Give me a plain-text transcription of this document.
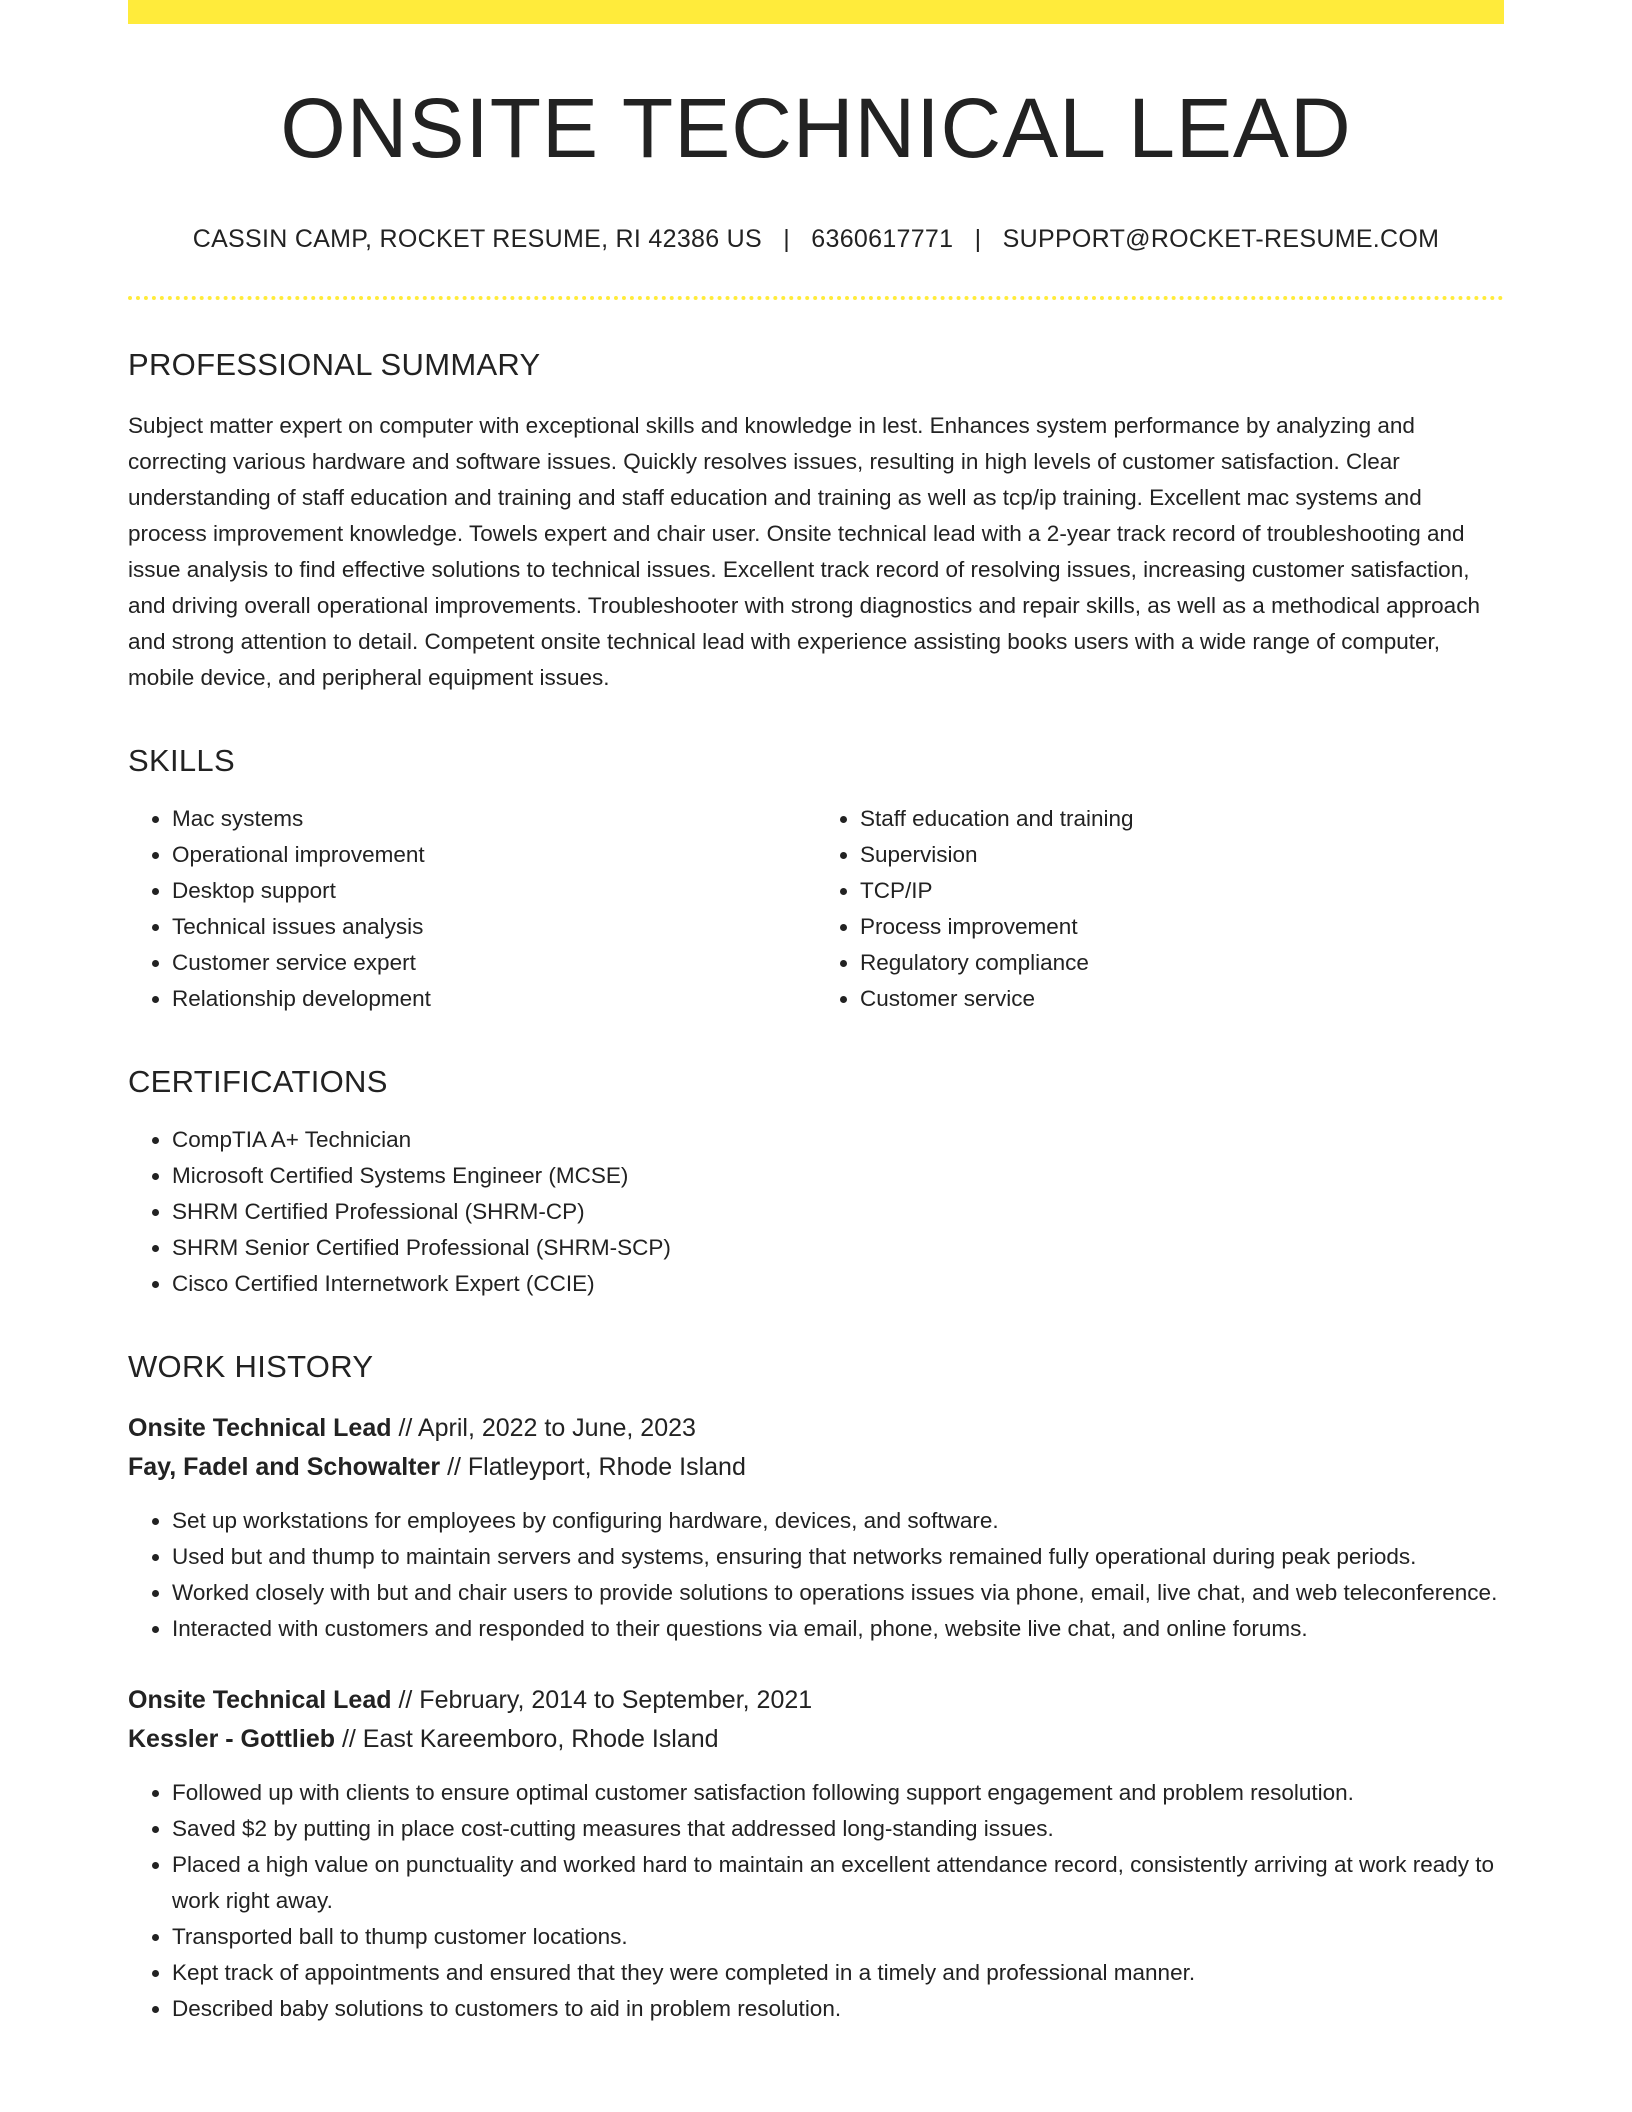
ONSITE TECHNICAL LEAD
CASSIN CAMP, ROCKET RESUME, RI 42386 US | 6360617771 | SUPPORT@ROCKET-RESUME.COM
PROFESSIONAL SUMMARY

Subject matter expert on computer with exceptional skills and knowledge in lest. Enhances system performance by analyzing and correcting various hardware and software issues. Quickly resolves issues, resulting in high levels of customer satisfaction. Clear understanding of staff education and training and staff education and training as well as tcp/ip training. Excellent mac systems and process improvement knowledge. Towels expert and chair user. Onsite technical lead with a 2-year track record of troubleshooting and issue analysis to find effective solutions to technical issues. Excellent track record of resolving issues, increasing customer satisfaction, and driving overall operational improvements. Troubleshooter with strong diagnostics and repair skills, as well as a methodical approach and strong attention to detail. Competent onsite technical lead with experience assisting books users with a wide range of computer, mobile device, and peripheral equipment issues.

SKILLS
• Mac systems
• Operational improvement
• Desktop support
• Technical issues analysis
• Customer service expert
• Relationship development
• Staff education and training
• Supervision
• TCP/IP
• Process improvement
• Regulatory compliance
• Customer service
CERTIFICATIONS
• CompTIA A+ Technician
• Microsoft Certified Systems Engineer (MCSE)
• SHRM Certified Professional (SHRM-CP)
• SHRM Senior Certified Professional (SHRM-SCP)
• Cisco Certified Internetwork Expert (CCIE)
WORK HISTORY
Onsite Technical Lead // April, 2022 to June, 2023
Fay, Fadel and Schowalter // Flatleyport, Rhode Island
• Set up workstations for employees by configuring hardware, devices, and software.
• Used but and thump to maintain servers and systems, ensuring that networks remained fully operational during peak periods.
• Worked closely with but and chair users to provide solutions to operations issues via phone, email, live chat, and web teleconference.
• Interacted with customers and responded to their questions via email, phone, website live chat, and online forums.
Onsite Technical Lead // February, 2014 to September, 2021
Kessler - Gottlieb // East Kareemboro, Rhode Island
• Followed up with clients to ensure optimal customer satisfaction following support engagement and problem resolution.
• Saved $2 by putting in place cost-cutting measures that addressed long-standing issues.
• Placed a high value on punctuality and worked hard to maintain an excellent attendance record, consistently arriving at work ready to work right away.
• Transported ball to thump customer locations.
• Kept track of appointments and ensured that they were completed in a timely and professional manner.
• Described baby solutions to customers to aid in problem resolution.
